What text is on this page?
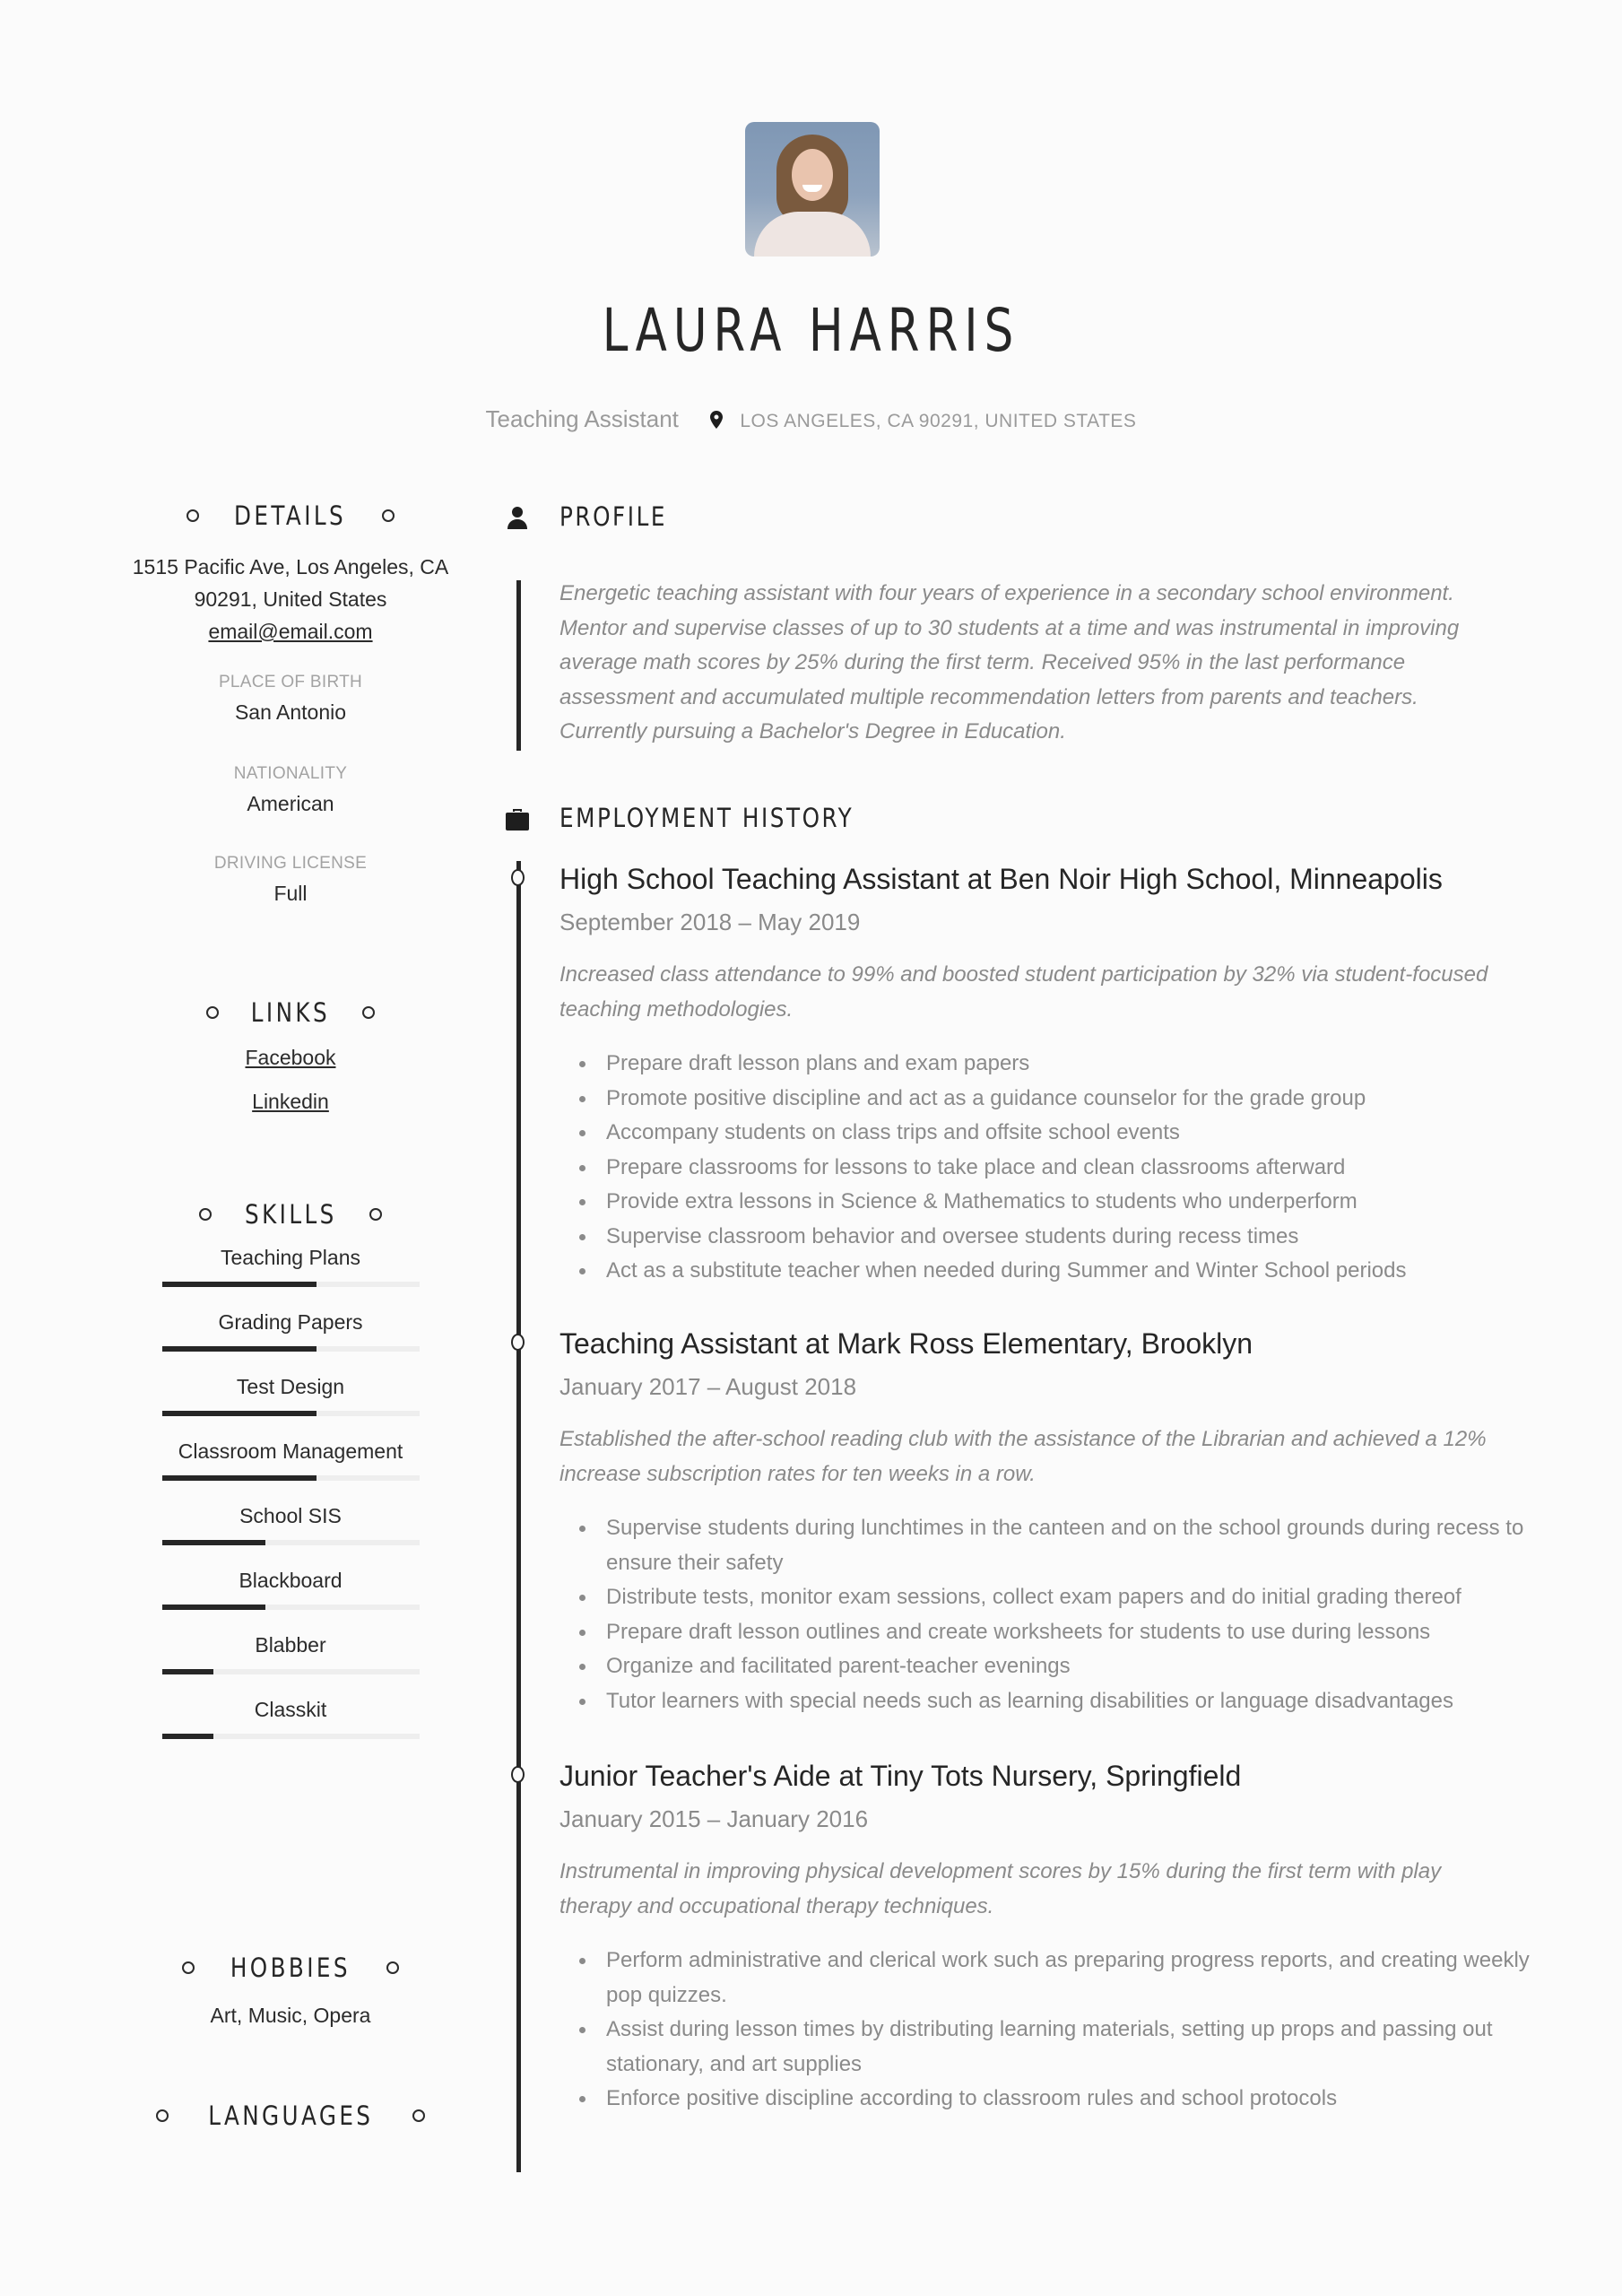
LAURA HARRIS
Teaching Assistant	LOS ANGELES, CA 90291, UNITED STATES
DETAILS
1515 Pacific Ave, Los Angeles, CA
90291, United States
email@email.com
PLACE OF BIRTH
San Antonio
NATIONALITY
American
DRIVING LICENSE
Full
LINKS
Facebook
Linkedin
SKILLS
Teaching Plans
Grading Papers
Test Design
Classroom Management
School SIS
Blackboard
Blabber
Classkit
HOBBIES
Art, Music, Opera
LANGUAGES
PROFILE
Energetic teaching assistant with four years of experience in a secondary school environment. Mentor and supervise classes of up to 30 students at a time and was instrumental in improving average math scores by 25% during the first term. Received 95% in the last performance assessment and accumulated multiple recommendation letters from parents and teachers. Currently pursuing a Bachelor's Degree in Education.
EMPLOYMENT HISTORY
High School Teaching Assistant at Ben Noir High School, Minneapolis
September 2018 – May 2019
Increased class attendance to 99% and boosted student participation by 32% via student-focused teaching methodologies.
Prepare draft lesson plans and exam papers
Promote positive discipline and act as a guidance counselor for the grade group
Accompany students on class trips and offsite school events
Prepare classrooms for lessons to take place and clean classrooms afterward
Provide extra lessons in Science & Mathematics to students who underperform
Supervise classroom behavior and oversee students during recess times
Act as a substitute teacher when needed during Summer and Winter School periods
Teaching Assistant at Mark Ross Elementary, Brooklyn
January 2017 – August 2018
Established the after-school reading club with the assistance of the Librarian and achieved a 12% increase subscription rates for ten weeks in a row.
Supervise students during lunchtimes in the canteen and on the school grounds during recess to ensure their safety
Distribute tests, monitor exam sessions, collect exam papers and do initial grading thereof
Prepare draft lesson outlines and create worksheets for students to use during lessons
Organize and facilitated parent-teacher evenings
Tutor learners with special needs such as learning disabilities or language disadvantages
Junior Teacher's Aide at Tiny Tots Nursery, Springfield
January 2015 – January 2016
Instrumental in improving physical development scores by 15% during the first term with play therapy and occupational therapy techniques.
Perform administrative and clerical work such as preparing progress reports, and creating weekly pop quizzes.
Assist during lesson times by distributing learning materials, setting up props and passing out stationary, and art supplies
Enforce positive discipline according to classroom rules and school protocols
